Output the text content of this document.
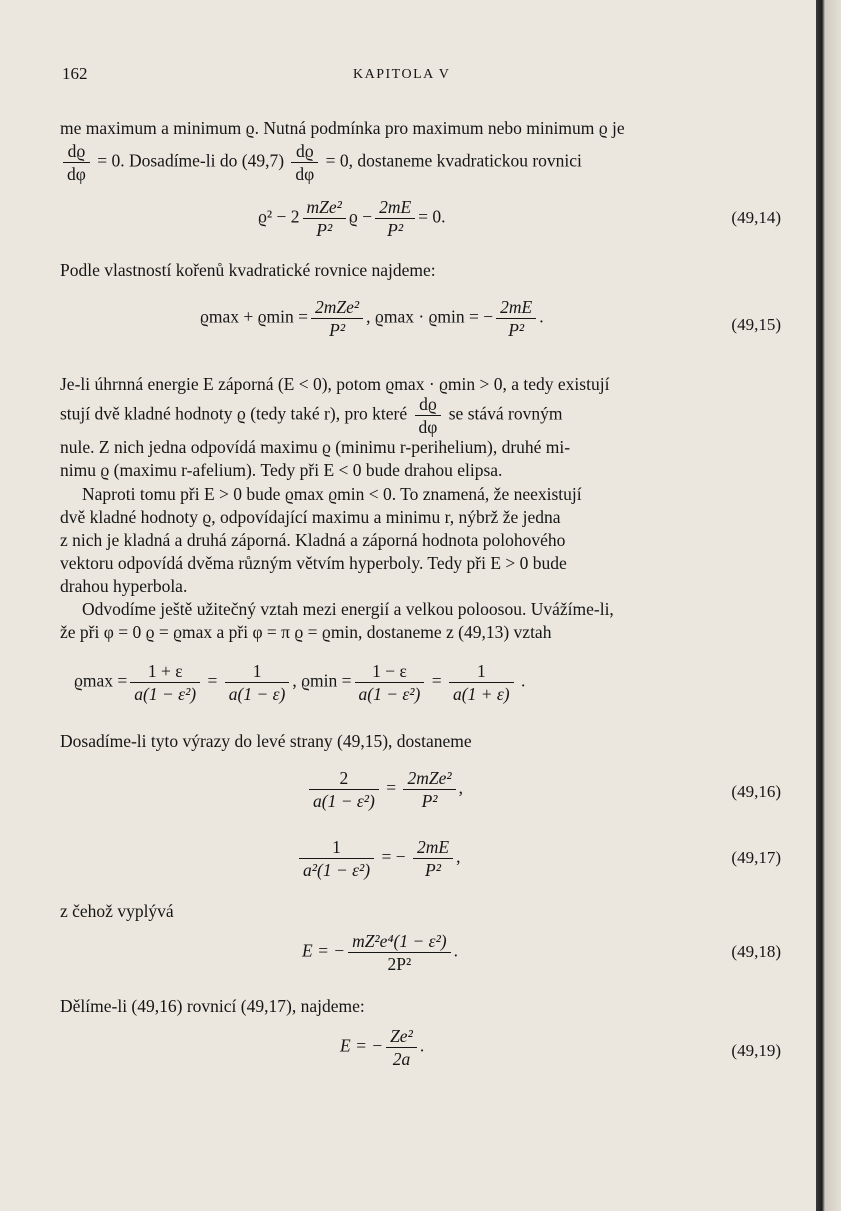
162	KAPITOLA V
me maximum a minimum ϱ. Nutná podmínka pro maximum nebo minimum ϱ je
$\frac{dϱ}{d\varphi} = 0$. Dosadíme-li do $(49,7) \frac{dϱ}{d\varphi} = 0$, dostaneme kvadratickou rovnici
$ϱ^2 - 2 \frac{\text{mZe²}}{\text{P²}}$ $ϱ - \frac{2mE}{\text{P²}} = 0$.	(49,14)
Podle vlastností kořenů kvadratické rovnice najdeme:
$ϱ\max + ϱ\min = \frac{\text{2mZe²}}{\text{P²}}$ , ϱmax · ϱmin = − $\frac{2mE}{\text{P²}}$ .	(49,15)
Je-li úhrnná energie E záporná (E < 0), potom ϱmax · ϱmin > 0, a tedy existují
stují dvě kladné hodnoty ϱ (tedy také r), pro které $\frac{dϱ}{d\varphi}$ se stává rovným
nule. Z nich jedna odpovídá maximu ϱ (minimu r-perihelium), druhé mi-
nimu ϱ (maximu r-afelium). Tedy při E < 0 bude drahou elipsa.
Naproti tomu při E > 0 bude ϱmax ϱmin < 0. To znamená, že neexistují
dvě kladné hodnoty ϱ, odpovídající maximu a minimu r, nýbrž že jedna
z nich je kladná a druhá záporná. Kladná a záporná hodnota polohového
vektoru odpovídá dvěma různým větvím hyperboly. Tedy při E > 0 bude
drahou hyperbola.
Odvodíme ještě užitečný vztah mezi energií a velkou poloosou. Uvážíme-li,
že při φ = 0 ϱ = ϱmax a při φ = π ϱ = ϱmin, dostaneme z (49,13) vztah
$ϱ\max = \frac{1 + \varepsilon}{\text{a(1 − ε²)}} = \frac{1}{a(1 - \varepsilon)}$ , $ϱ\min = \frac{1 - \varepsilon}{\text{a(1 − ε²)}} = \frac{1}{a(1 + \varepsilon)}$ .
Dosadíme-li tyto výrazy do levé strany (49,15), dostaneme
$\frac{2}{\text{a(1 − ε²)}} = \frac{\text{2mZe²}}{\text{P²}}$ ,	(49,16)
$\frac{1}{\text{a²(1 − ε²)}}$ = − $\frac{2mE}{\text{P²}}$ ,	(49,17)
z čehož vyplývá
E = − $\frac{\text{mZ²e⁴(1 − ε²)}}{\text{2P²}}$ .	(49,18)
Dělíme-li (49,16) rovnicí (49,17), najdeme:
E = − $\frac{\text{Ze²}}{2a}$ .	(49,19)
